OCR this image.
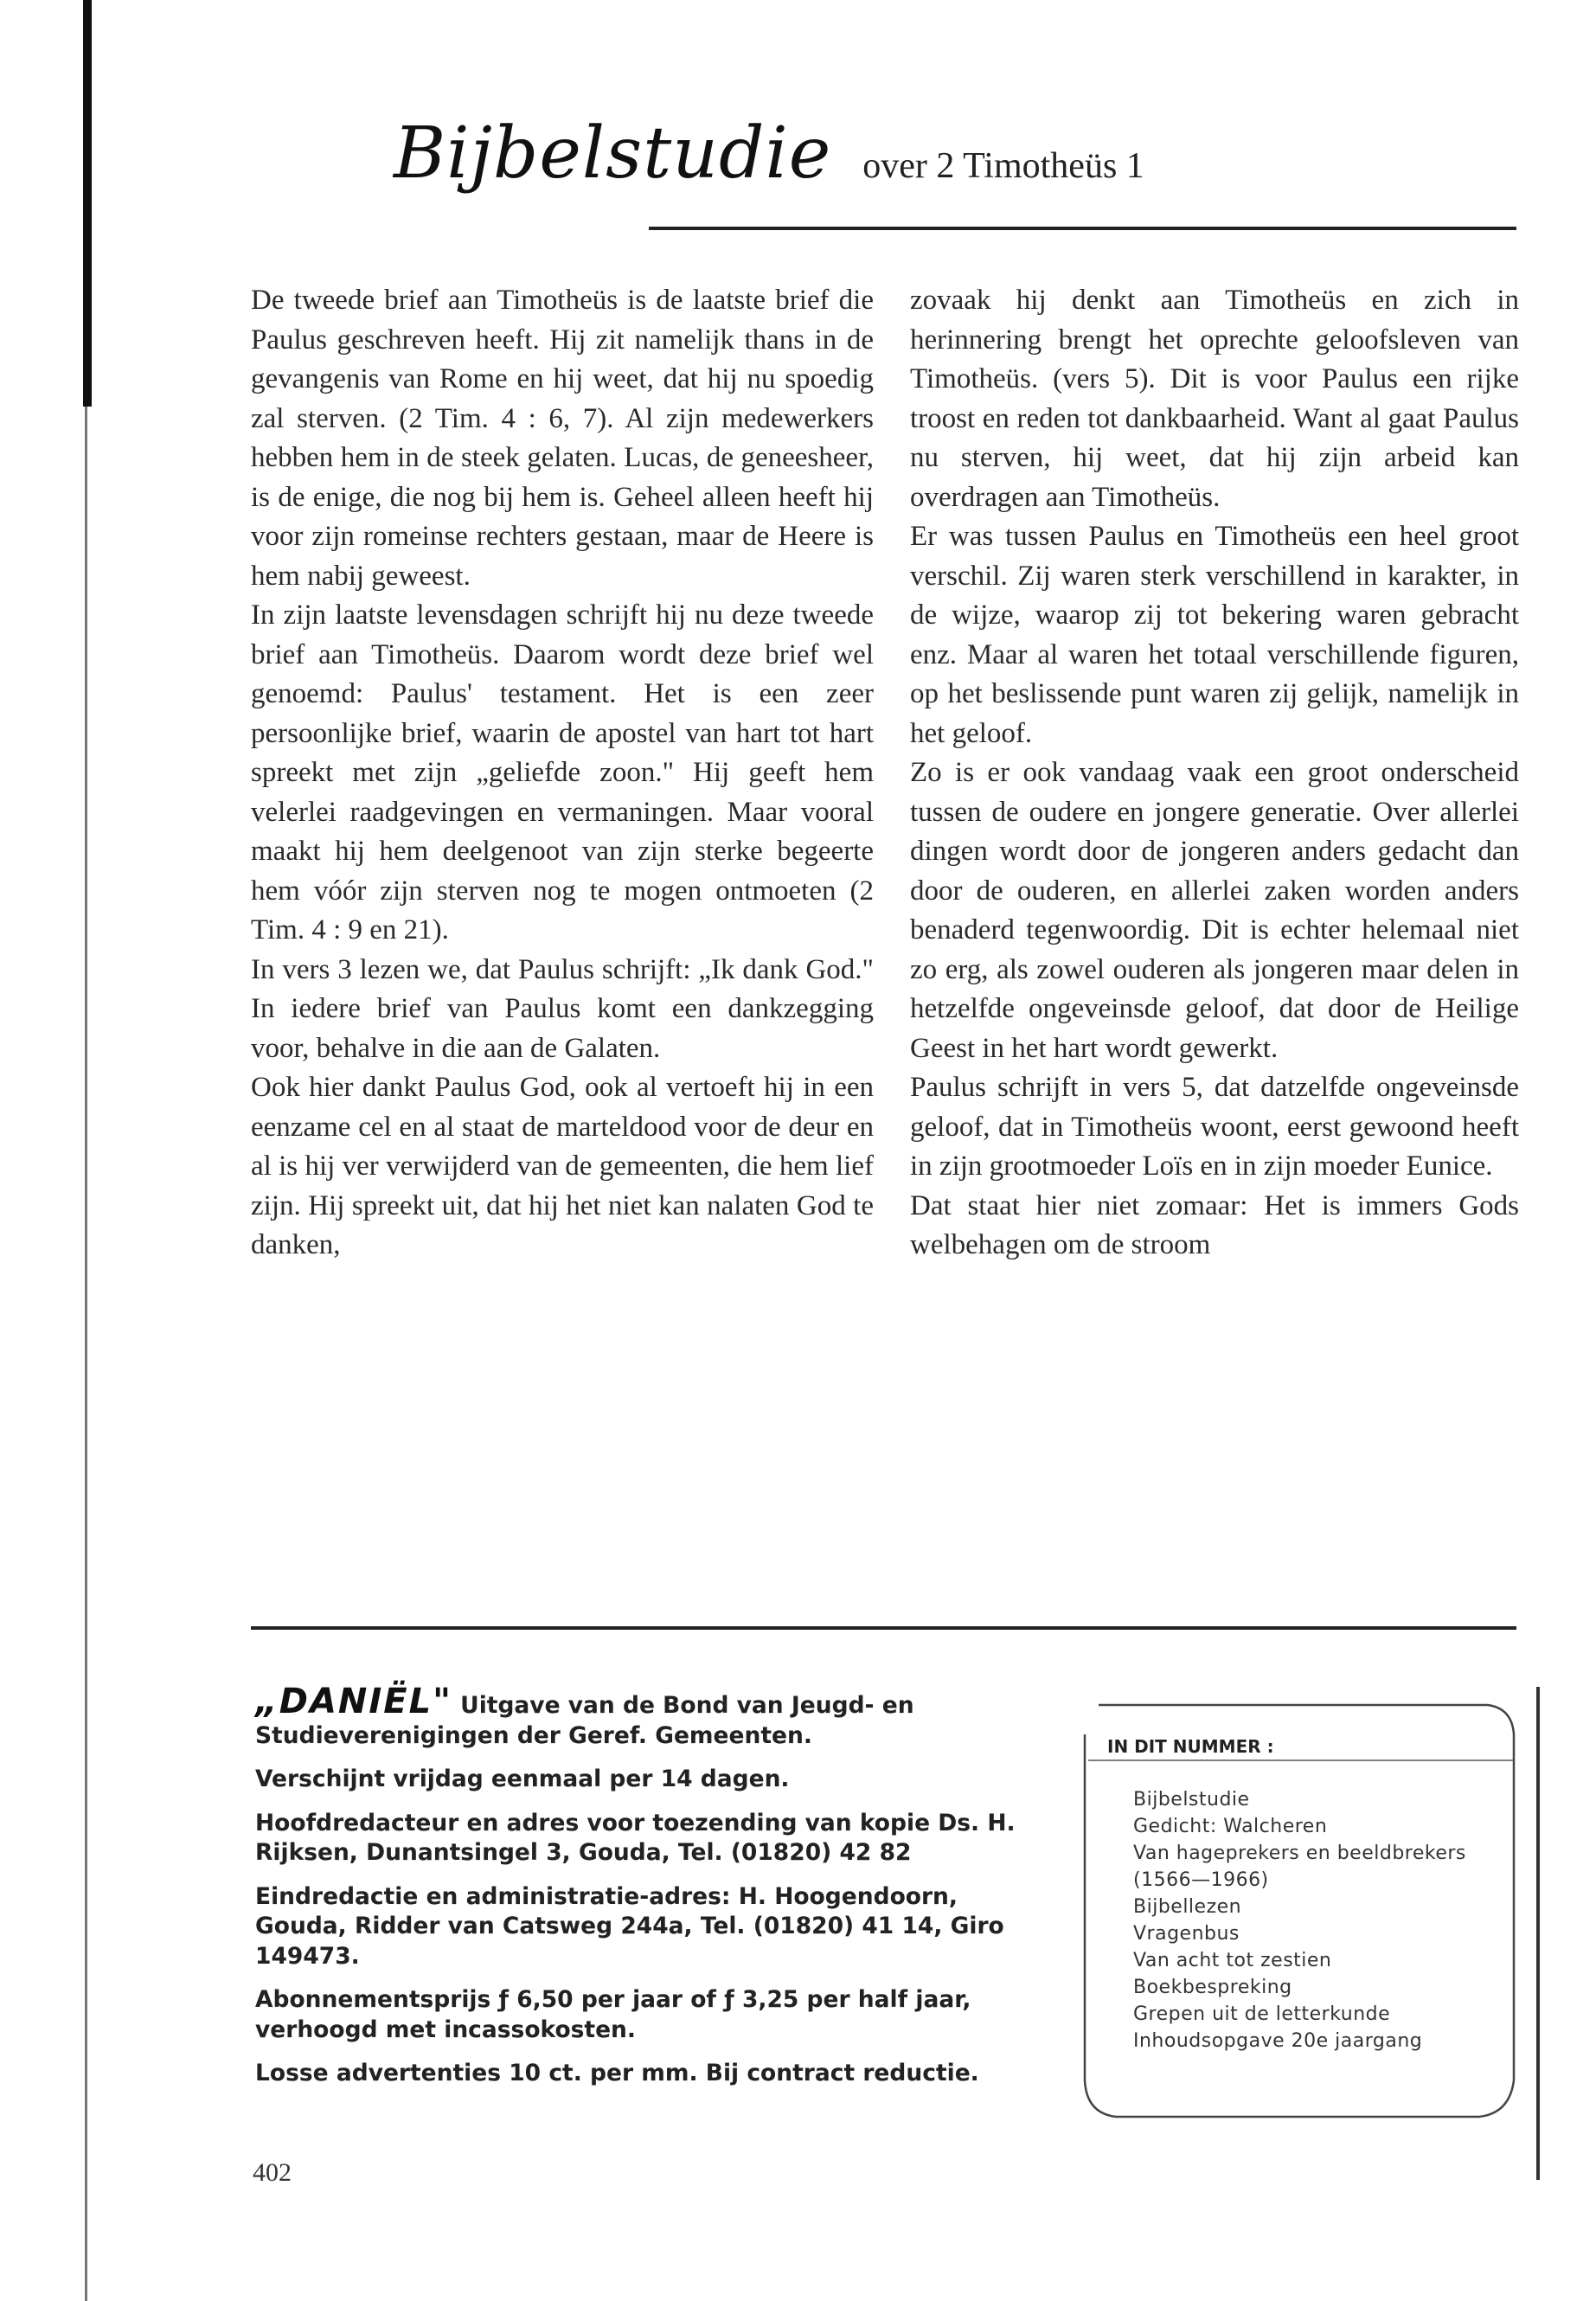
Bijbelstudie over 2 Timotheüs 1

De tweede brief aan Timotheüs is de laatste brief die Paulus geschreven heeft. Hij zit namelijk thans in de gevangenis van Rome en hij weet, dat hij nu spoedig zal sterven. (2 Tim. 4 : 6, 7). Al zijn medewerkers hebben hem in de steek gelaten. Lucas, de geneesheer, is de enige, die nog bij hem is. Geheel alleen heeft hij voor zijn romeinse rechters gestaan, maar de Heere is hem nabij geweest.

In zijn laatste levensdagen schrijft hij nu deze tweede brief aan Timotheüs. Daarom wordt deze brief wel genoemd: Paulus' testament. Het is een zeer persoonlijke brief, waarin de apostel van hart tot hart spreekt met zijn „geliefde zoon." Hij geeft hem velerlei raadgevingen en vermaningen. Maar vooral maakt hij hem deelgenoot van zijn sterke begeerte hem vóór zijn sterven nog te mogen ontmoeten (2 Tim. 4 : 9 en 21).

In vers 3 lezen we, dat Paulus schrijft: „Ik dank God." In iedere brief van Paulus komt een dankzegging voor, behalve in die aan de Galaten.

Ook hier dankt Paulus God, ook al vertoeft hij in een eenzame cel en al staat de marteldood voor de deur en al is hij ver verwijderd van de gemeenten, die hem lief zijn. Hij spreekt uit, dat hij het niet kan nalaten God te danken,

zovaak hij denkt aan Timotheüs en zich in herinnering brengt het oprechte geloofsleven van Timotheüs. (vers 5). Dit is voor Paulus een rijke troost en reden tot dankbaarheid. Want al gaat Paulus nu sterven, hij weet, dat hij zijn arbeid kan overdragen aan Timotheüs.

Er was tussen Paulus en Timotheüs een heel groot verschil. Zij waren sterk verschillend in karakter, in de wijze, waarop zij tot bekering waren gebracht enz. Maar al waren het totaal verschillende figuren, op het beslissende punt waren zij gelijk, namelijk in het geloof.

Zo is er ook vandaag vaak een groot onderscheid tussen de oudere en jongere generatie. Over allerlei dingen wordt door de jongeren anders gedacht dan door de ouderen, en allerlei zaken worden anders benaderd tegenwoordig. Dit is echter helemaal niet zo erg, als zowel ouderen als jongeren maar delen in hetzelfde ongeveinsde geloof, dat door de Heilige Geest in het hart wordt gewerkt.

Paulus schrijft in vers 5, dat datzelfde ongeveinsde geloof, dat in Timotheüs woont, eerst gewoond heeft in zijn grootmoeder Loïs en in zijn moeder Eunice.

Dat staat hier niet zomaar: Het is immers Gods welbehagen om de stroom

„DANIËL" Uitgave van de Bond van Jeugd- en Studieverenigingen der Geref. Gemeenten.

Verschijnt vrijdag eenmaal per 14 dagen.

Hoofdredacteur en adres voor toezending van kopie Ds. H. Rijksen, Dunantsingel 3, Gouda, Tel. (01820) 42 82

Eindredactie en administratie-adres: H. Hoogendoorn, Gouda, Ridder van Catsweg 244a, Tel. (01820) 41 14, Giro 149473.

Abonnementsprijs ƒ 6,50 per jaar of ƒ 3,25 per half jaar, verhoogd met incassokosten.

Losse advertenties 10 ct. per mm. Bij contract reductie.

402
IN DIT NUMMER :
Bijbelstudie
Gedicht: Walcheren
Van hageprekers en beeldbrekers (1566—1966)
Bijbellezen
Vragenbus
Van acht tot zestien
Boekbespreking
Grepen uit de letterkunde
Inhoudsopgave 20e jaargang
